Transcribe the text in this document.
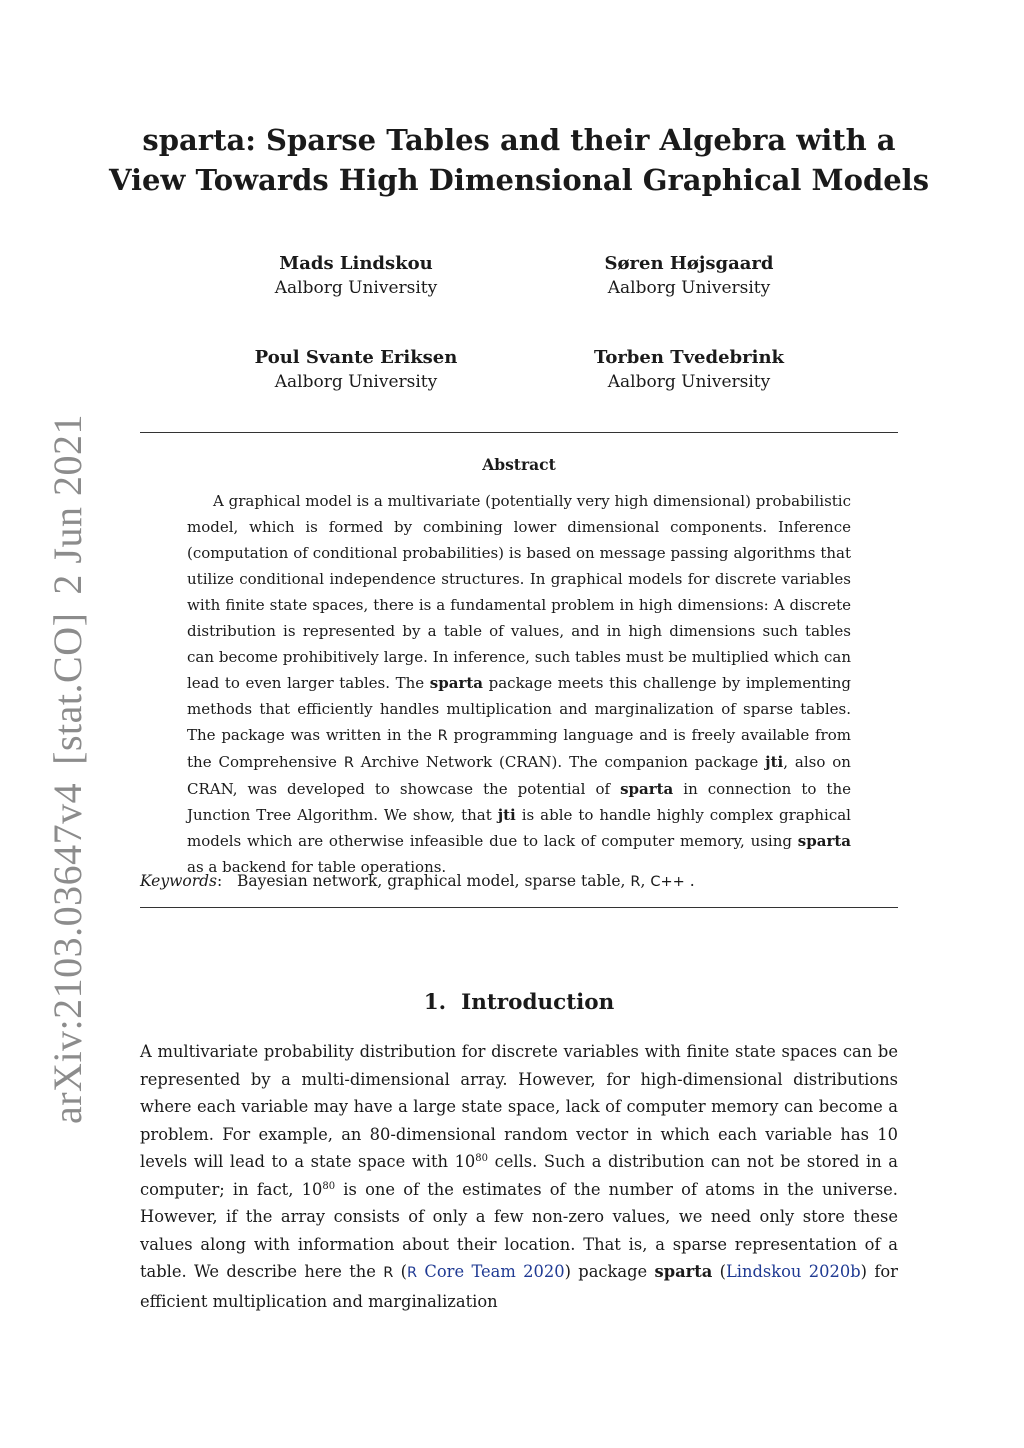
arXiv:2103.03647v4[stat.CO]2 Jun 2021
sparta: Sparse Tables and their Algebra with a
View Towards High Dimensional Graphical Models
Mads Lindskou
Aalborg University
Søren Højsgaard
Aalborg University
Poul Svante Eriksen
Aalborg University
Torben Tvedebrink
Aalborg University
Abstract

A graphical model is a multivariate (potentially very high dimensional) probabilistic model, which is formed by combining lower dimensional components. Inference (computation of conditional probabilities) is based on message passing algorithms that utilize conditional independence structures. In graphical models for discrete variables with finite state spaces, there is a fundamental problem in high dimensions: A discrete distribution is represented by a table of values, and in high dimensions such tables can become prohibitively large. In inference, such tables must be multiplied which can lead to even larger tables. The sparta package meets this challenge by implementing methods that efficiently handles multiplication and marginalization of sparse tables. The package was written in the R programming language and is freely available from the Comprehensive R Archive Network (CRAN). The companion package jti, also on CRAN, was developed to showcase the potential of sparta in connection to the Junction Tree Algorithm. We show, that jti is able to handle highly complex graphical models which are otherwise infeasible due to lack of computer memory, using sparta as a backend for table operations.

Keywords:   Bayesian network, graphical model, sparse table, R, C++ .
1. Introduction

A multivariate probability distribution for discrete variables with finite state spaces can be represented by a multi-dimensional array. However, for high-dimensional distributions where each variable may have a large state space, lack of computer memory can become a problem. For example, an 80-dimensional random vector in which each variable has 10 levels will lead to a state space with $10^{80}$ cells. Such a distribution can not be stored in a computer; in fact, $10^{80}$ is one of the estimates of the number of atoms in the universe. However, if the array consists of only a few non-zero values, we need only store these values along with information about their location. That is, a sparse representation of a table. We describe here the R (R Core Team 2020) package sparta (Lindskou 2020b) for efficient multiplication and marginalization
